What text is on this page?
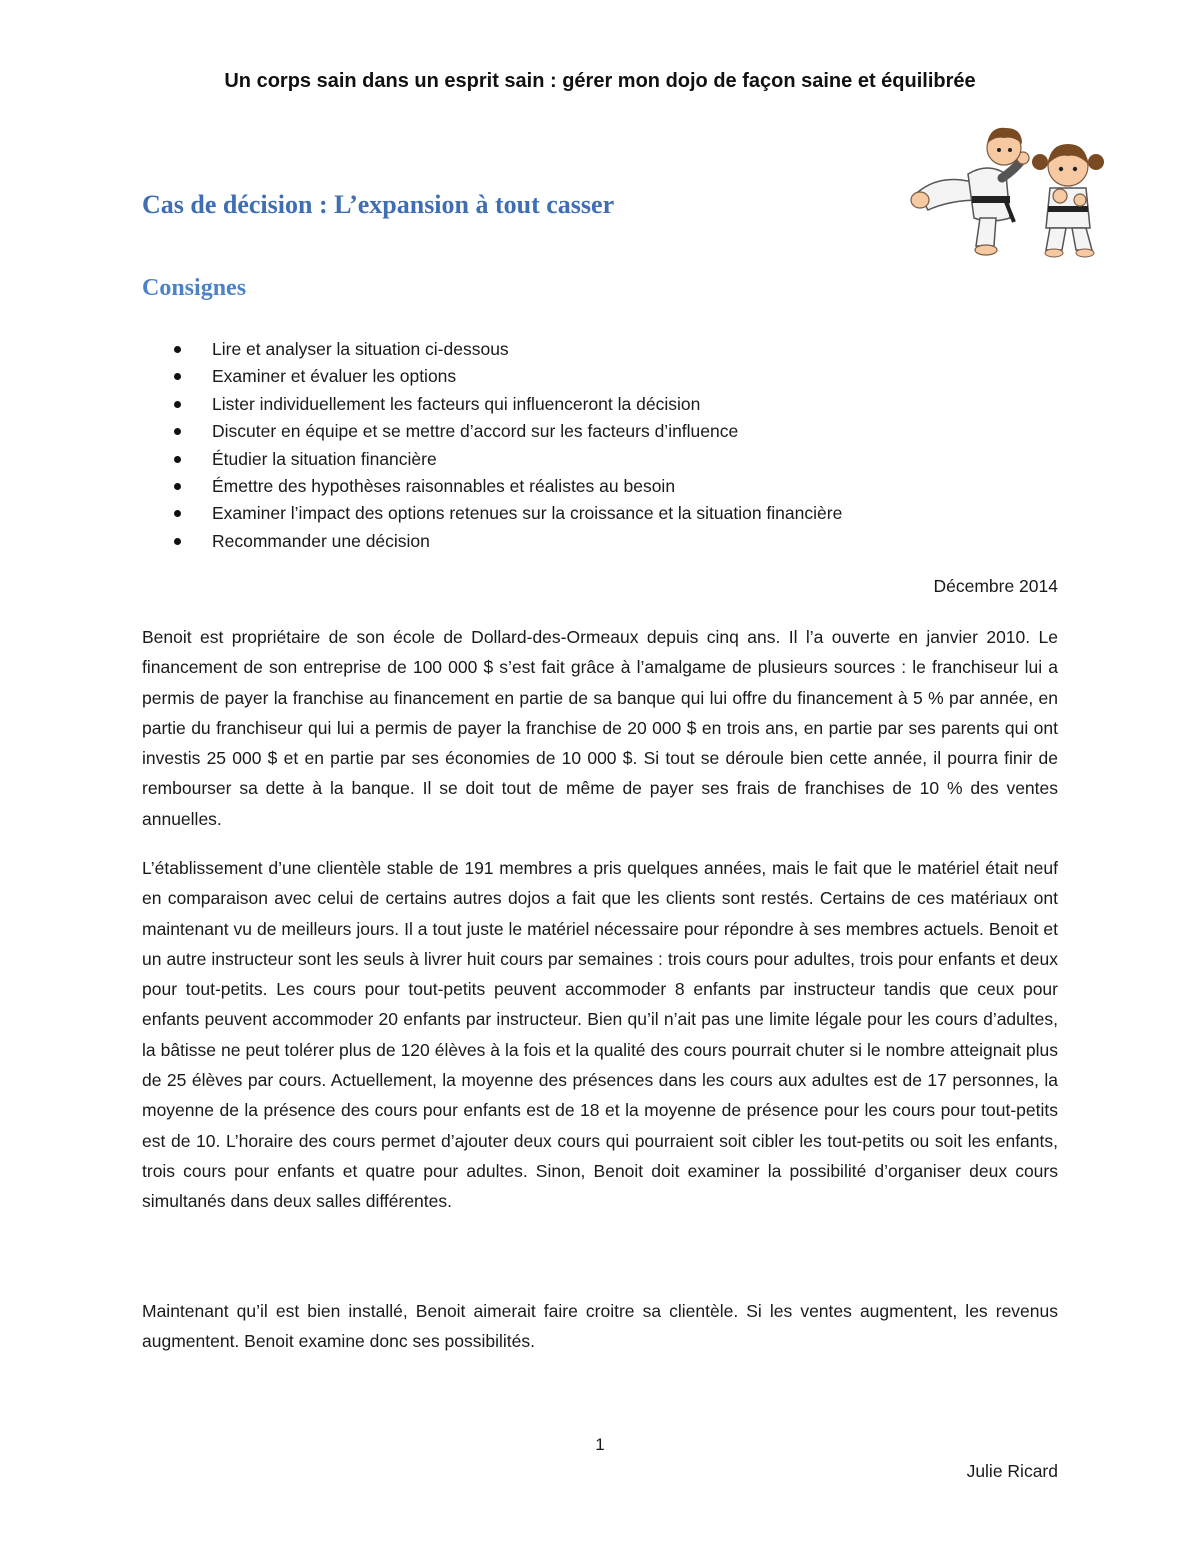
Un corps sain dans un esprit sain : gérer mon dojo de façon saine et équilibrée
Cas de décision : L’expansion à tout casser
Consignes
Lire et analyser la situation ci-dessous
Examiner et évaluer les options
Lister individuellement les facteurs qui influenceront la décision
Discuter en équipe et se mettre d’accord sur les facteurs d’influence
Étudier la situation financière
Émettre des hypothèses raisonnables et réalistes au besoin
Examiner l’impact des options retenues sur la croissance et la situation financière
Recommander une décision
Décembre 2014

Benoit est propriétaire de son école de Dollard-des-Ormeaux depuis cinq ans. Il l’a ouverte en janvier 2010. Le financement de son entreprise de 100 000 $ s’est fait grâce à l’amalgame de plusieurs sources : le franchiseur lui a permis de payer la franchise au financement en partie de sa banque qui lui offre du financement à 5 % par année, en partie du franchiseur qui lui a permis de payer la franchise de 20 000 $ en trois ans, en partie par ses parents qui ont investis 25 000 $ et en partie par ses économies de 10 000 $. Si tout se déroule bien cette année, il pourra finir de rembourser sa dette à la banque. Il se doit tout de même de payer ses frais de franchises de 10 % des ventes annuelles.

L’établissement d’une clientèle stable de 191 membres a pris quelques années, mais le fait que le matériel était neuf en comparaison avec celui de certains autres dojos a fait que les clients sont restés. Certains de ces matériaux ont maintenant vu de meilleurs jours. Il a tout juste le matériel nécessaire pour répondre à ses membres actuels. Benoit et un autre instructeur sont les seuls à livrer huit cours par semaines : trois cours pour adultes, trois pour enfants et deux pour tout-petits. Les cours pour tout-petits peuvent accommoder 8 enfants par instructeur tandis que ceux pour enfants peuvent accommoder 20 enfants par instructeur. Bien qu’il n’ait pas une limite légale pour les cours d’adultes, la bâtisse ne peut tolérer plus de 120 élèves à la fois et la qualité des cours pourrait chuter si le nombre atteignait plus de 25 élèves par cours. Actuellement, la moyenne des présences dans les cours aux adultes est de 17 personnes, la moyenne de la présence des cours pour enfants est de 18 et la moyenne de présence pour les cours pour tout-petits est de 10. L’horaire des cours permet d’ajouter deux cours qui pourraient soit cibler les tout-petits ou soit les enfants, trois cours pour enfants et quatre pour adultes. Sinon, Benoit doit examiner la possibilité d’organiser deux cours simultanés dans deux salles différentes.

Maintenant qu’il est bien installé, Benoit aimerait faire croitre sa clientèle. Si les ventes augmentent, les revenus augmentent. Benoit examine donc ses possibilités.

1
Julie Ricard
